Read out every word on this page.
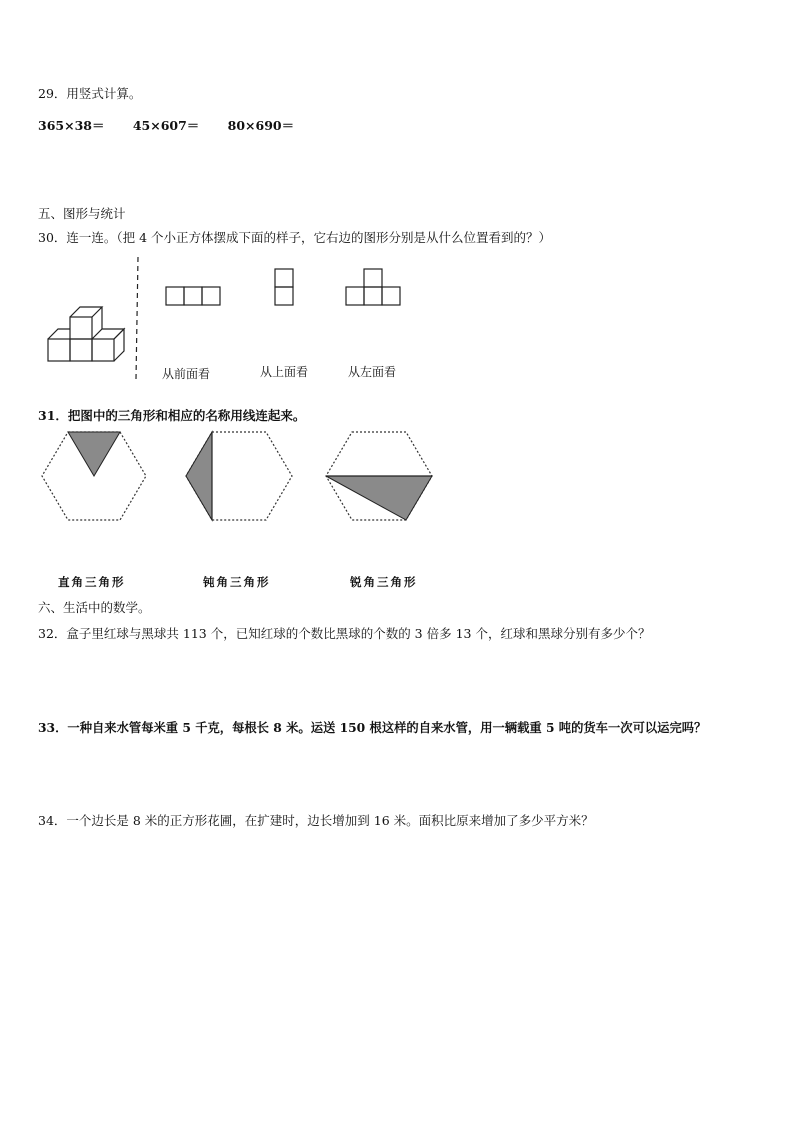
29．用竖式计算。
365×38＝ 45×607＝ 80×690＝
五、图形与统计
30．连一连。（把 4 个小正方体摆成下面的样子，它右边的图形分别是从什么位置看到的？）
从前面看	从上面看	从左面看
31．把图中的三角形和相应的名称用线连起来。
直角三角形	钝角三角形	锐角三角形
六、生活中的数学。
32．盒子里红球与黑球共 113 个，已知红球的个数比黑球的个数的 3 倍多 13 个，红球和黑球分别有多少个？
33．一种自来水管每米重 5 千克，每根长 8 米。运送 150 根这样的自来水管，用一辆载重 5 吨的货车一次可以运完吗？
34．一个边长是 8 米的正方形花圃，在扩建时，边长增加到 16 米。面积比原来增加了多少平方米？
